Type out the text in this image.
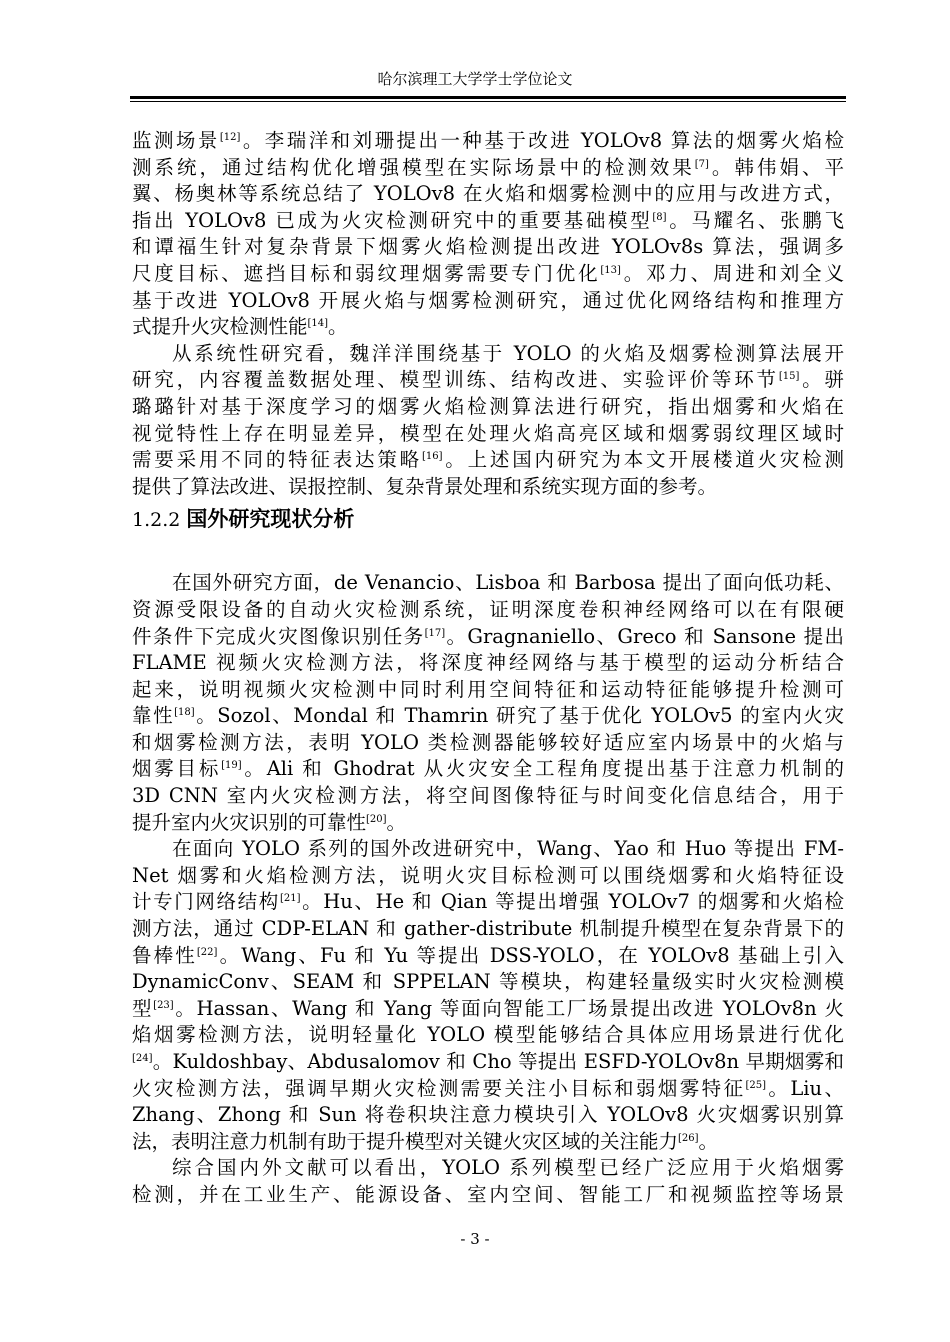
哈尔滨理工大学学士学位论文
监测场景[12]。李瑞洋和刘珊提出一种基于改进 YOLOv8 算法的烟雾火焰检
测系统，通过结构优化增强模型在实际场景中的检测效果[7]。韩伟娟、平
翼、杨奥林等系统总结了 YOLOv8 在火焰和烟雾检测中的应用与改进方式，
指出 YOLOv8 已成为火灾检测研究中的重要基础模型[8]。马耀名、张鹏飞
和谭福生针对复杂背景下烟雾火焰检测提出改进 YOLOv8s 算法，强调多
尺度目标、遮挡目标和弱纹理烟雾需要专门优化[13]。邓力、周进和刘全义
基于改进 YOLOv8 开展火焰与烟雾检测研究，通过优化网络结构和推理方
式提升火灾检测性能[14]。
从系统性研究看，魏洋洋围绕基于 YOLO 的火焰及烟雾检测算法展开
研究，内容覆盖数据处理、模型训练、结构改进、实验评价等环节[15]。骈
璐璐针对基于深度学习的烟雾火焰检测算法进行研究，指出烟雾和火焰在
视觉特性上存在明显差异，模型在处理火焰高亮区域和烟雾弱纹理区域时
需要采用不同的特征表达策略[16]。上述国内研究为本文开展楼道火灾检测
提供了算法改进、误报控制、复杂背景处理和系统实现方面的参考。
1.2.2 国外研究现状分析
在国外研究方面，de Venancio、Lisboa 和 Barbosa 提出了面向低功耗、
资源受限设备的自动火灾检测系统，证明深度卷积神经网络可以在有限硬
件条件下完成火灾图像识别任务[17]。Gragnaniello、Greco 和 Sansone 提出
FLAME 视频火灾检测方法，将深度神经网络与基于模型的运动分析结合
起来，说明视频火灾检测中同时利用空间特征和运动特征能够提升检测可
靠性[18]。Sozol、Mondal 和 Thamrin 研究了基于优化 YOLOv5 的室内火灾
和烟雾检测方法，表明 YOLO 类检测器能够较好适应室内场景中的火焰与
烟雾目标[19]。Ali 和 Ghodrat 从火灾安全工程角度提出基于注意力机制的
3D CNN 室内火灾检测方法，将空间图像特征与时间变化信息结合，用于
提升室内火灾识别的可靠性[20]。
在面向 YOLO 系列的国外改进研究中，Wang、Yao 和 Huo 等提出 FM-
Net 烟雾和火焰检测方法，说明火灾目标检测可以围绕烟雾和火焰特征设
计专门网络结构[21]。Hu、He 和 Qian 等提出增强 YOLOv7 的烟雾和火焰检
测方法，通过 CDP-ELAN 和 gather-distribute 机制提升模型在复杂背景下的
鲁棒性[22]。Wang、Fu 和 Yu 等提出 DSS-YOLO，在 YOLOv8 基础上引入
DynamicConv、SEAM 和 SPPELAN 等模块，构建轻量级实时火灾检测模
型[23]。Hassan、Wang 和 Yang 等面向智能工厂场景提出改进 YOLOv8n 火
焰烟雾检测方法，说明轻量化 YOLO 模型能够结合具体应用场景进行优化
[24]。Kuldoshbay、Abdusalomov 和 Cho 等提出 ESFD-YOLOv8n 早期烟雾和
火灾检测方法，强调早期火灾检测需要关注小目标和弱烟雾特征[25]。Liu、
Zhang、Zhong 和 Sun 将卷积块注意力模块引入 YOLOv8 火灾烟雾识别算
法，表明注意力机制有助于提升模型对关键火灾区域的关注能力[26]。
综合国内外文献可以看出，YOLO 系列模型已经广泛应用于火焰烟雾
检测，并在工业生产、能源设备、室内空间、智能工厂和视频监控等场景
- 3 -
